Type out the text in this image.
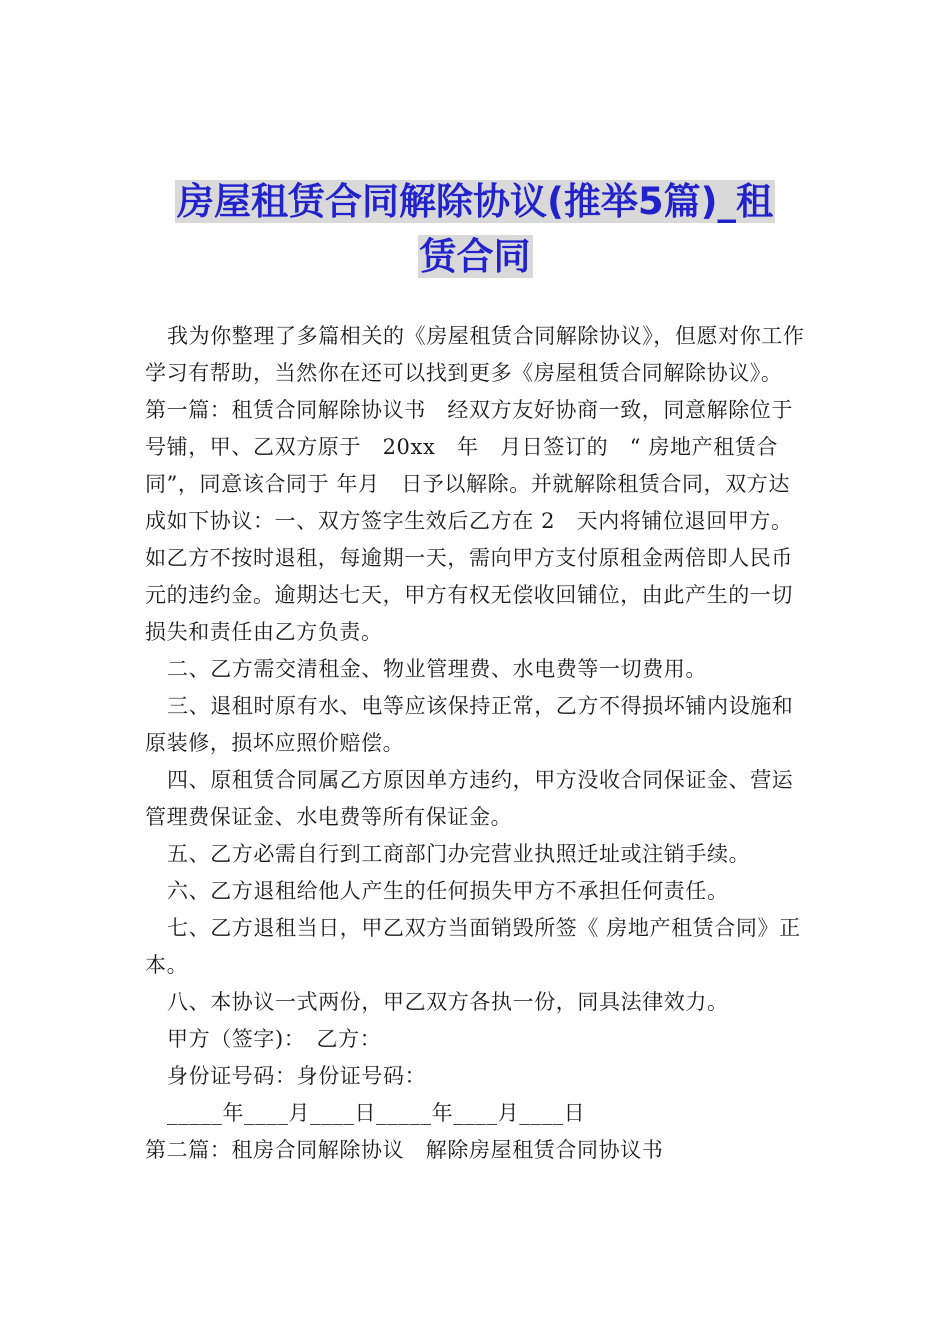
房屋租赁合同解除协议(推举5篇)_租
赁合同

我为你整理了多篇相关的《房屋租赁合同解除协议》，但愿对你工作学习有帮助，当然你在还可以找到更多《房屋租赁合同解除协议》。

第一篇：租赁合同解除协议书　经双方友好协商一致，同意解除位于号铺，甲、乙双方原于　20xx　年　月日签订的　“ 房地产租赁合同”，同意该合同于 年月　日予以解除。并就解除租赁合同，双方达成如下协议：一、双方签字生效后乙方在 2　天内将铺位退回甲方。如乙方不按时退租，每逾期一天，需向甲方支付原租金两倍即人民币　元的违约金。逾期达七天，甲方有权无偿收回铺位，由此产生的一切损失和责任由乙方负责。

二、乙方需交清租金、物业管理费、水电费等一切费用。

三、退租时原有水、电等应该保持正常，乙方不得损坏铺内设施和原装修，损坏应照价赔偿。

四、原租赁合同属乙方原因单方违约，甲方没收合同保证金、营运管理费保证金、水电费等所有保证金。

五、乙方必需自行到工商部门办完营业执照迁址或注销手续。

六、乙方退租给他人产生的任何损失甲方不承担任何责任。

七、乙方退租当日，甲乙双方当面销毁所签《 房地产租赁合同》正本。

八、本协议一式两份，甲乙双方各执一份，同具法律效力。

甲方（签字)：　乙方：

身份证号码：身份证号码：

_____年____月____日_____年____月____日

第二篇：租房合同解除协议　解除房屋租赁合同协议书
